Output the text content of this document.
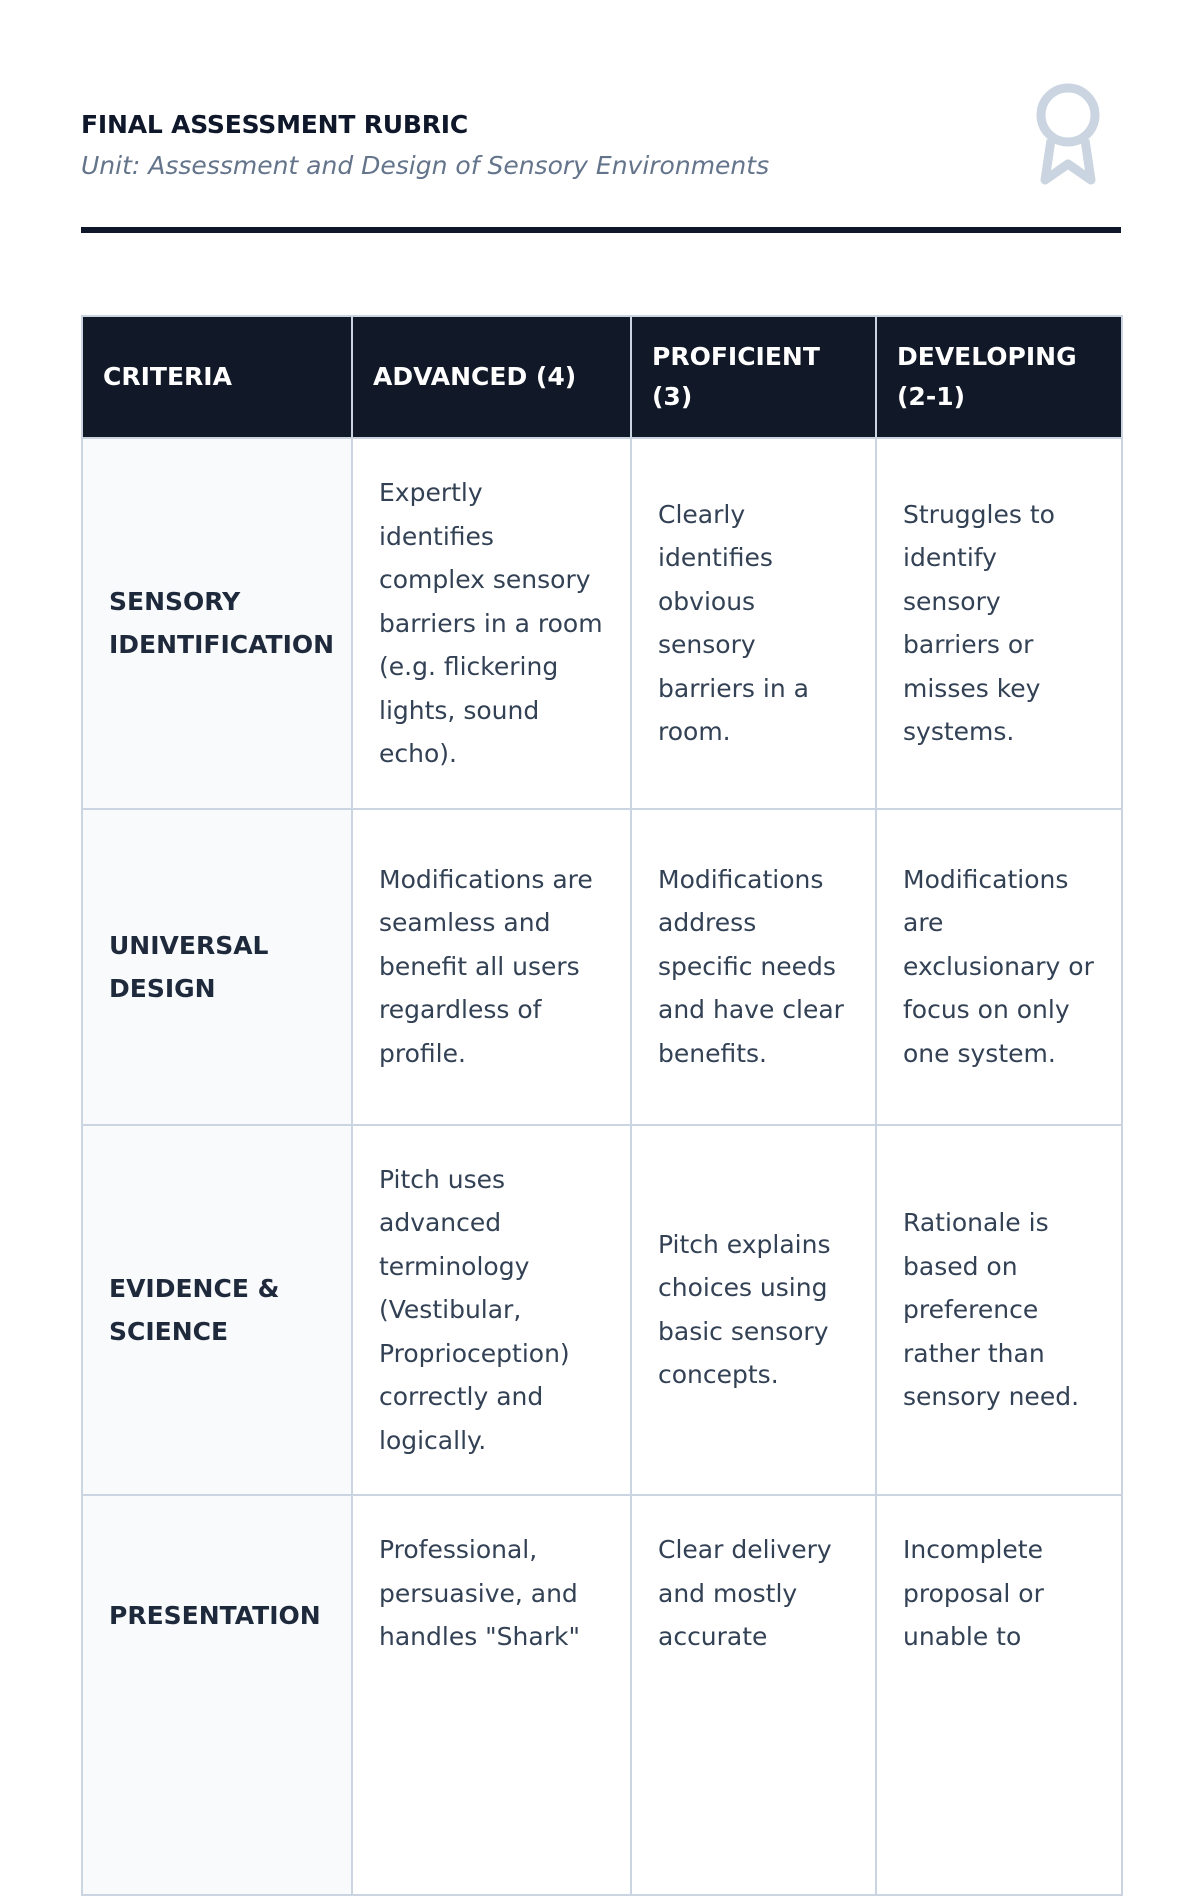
FINAL ASSESSMENT RUBRIC
Unit: Assessment and Design of Sensory Environments
CRITERIA	ADVANCED (4)	PROFICIENT (3)	DEVELOPING (2-1)
SENSORY IDENTIFICATION	Expertly identifies complex sensory barriers in a room (e.g. flickering lights, sound echo).	Clearly identifies obvious sensory barriers in a room.	Struggles to identify sensory barriers or misses key systems.
UNIVERSAL DESIGN	Modifications are seamless and benefit all users regardless of profile.	Modifications address specific needs and have clear benefits.	Modifications are exclusionary or focus on only one system.
EVIDENCE & SCIENCE	Pitch uses advanced terminology (Vestibular, Proprioception) correctly and logically.	Pitch explains choices using basic sensory concepts.	Rationale is based on preference rather than sensory need.
PRESENTATION	Professional, persuasive, and handles "Shark"	Clear delivery and mostly accurate	Incomplete proposal or unable to
